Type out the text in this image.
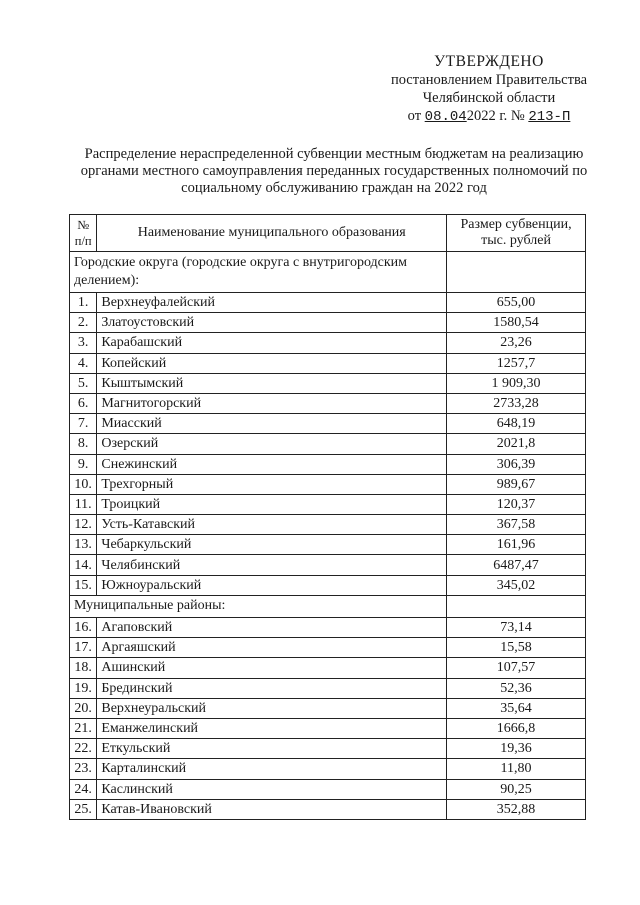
УТВЕРЖДЕНО
постановлением Правительства
Челябинской области
от 08.042022 г. № 213-П
Распределение нераспределенной субвенции местным бюджетам на реализацию органами местного самоуправления переданных государственных полномочий по социальному обслуживанию граждан на 2022 год
№ п/п	Наименование муниципального образования	Размер субвенции, тыс. рублей
Городские округа (городские округа с внутригородским делением):		
1.	Верхнеуфалейский	655,00
2.	Златоустовский	1580,54
3.	Карабашский	23,26
4.	Копейский	1257,7
5.	Кыштымский	1 909,30
6.	Магнитогорский	2733,28
7.	Миасский	648,19
8.	Озерский	2021,8
9.	Снежинский	306,39
10.	Трехгорный	989,67
11.	Троицкий	120,37
12.	Усть-Катавский	367,58
13.	Чебаркульский	161,96
14.	Челябинский	6487,47
15.	Южноуральский	345,02
Муниципальные районы:		
16.	Агаповский	73,14
17.	Аргаяшский	15,58
18.	Ашинский	107,57
19.	Брединский	52,36
20.	Верхнеуральский	35,64
21.	Еманжелинский	1666,8
22.	Еткульский	19,36
23.	Карталинский	11,80
24.	Каслинский	90,25
25.	Катав-Ивановский	352,88
